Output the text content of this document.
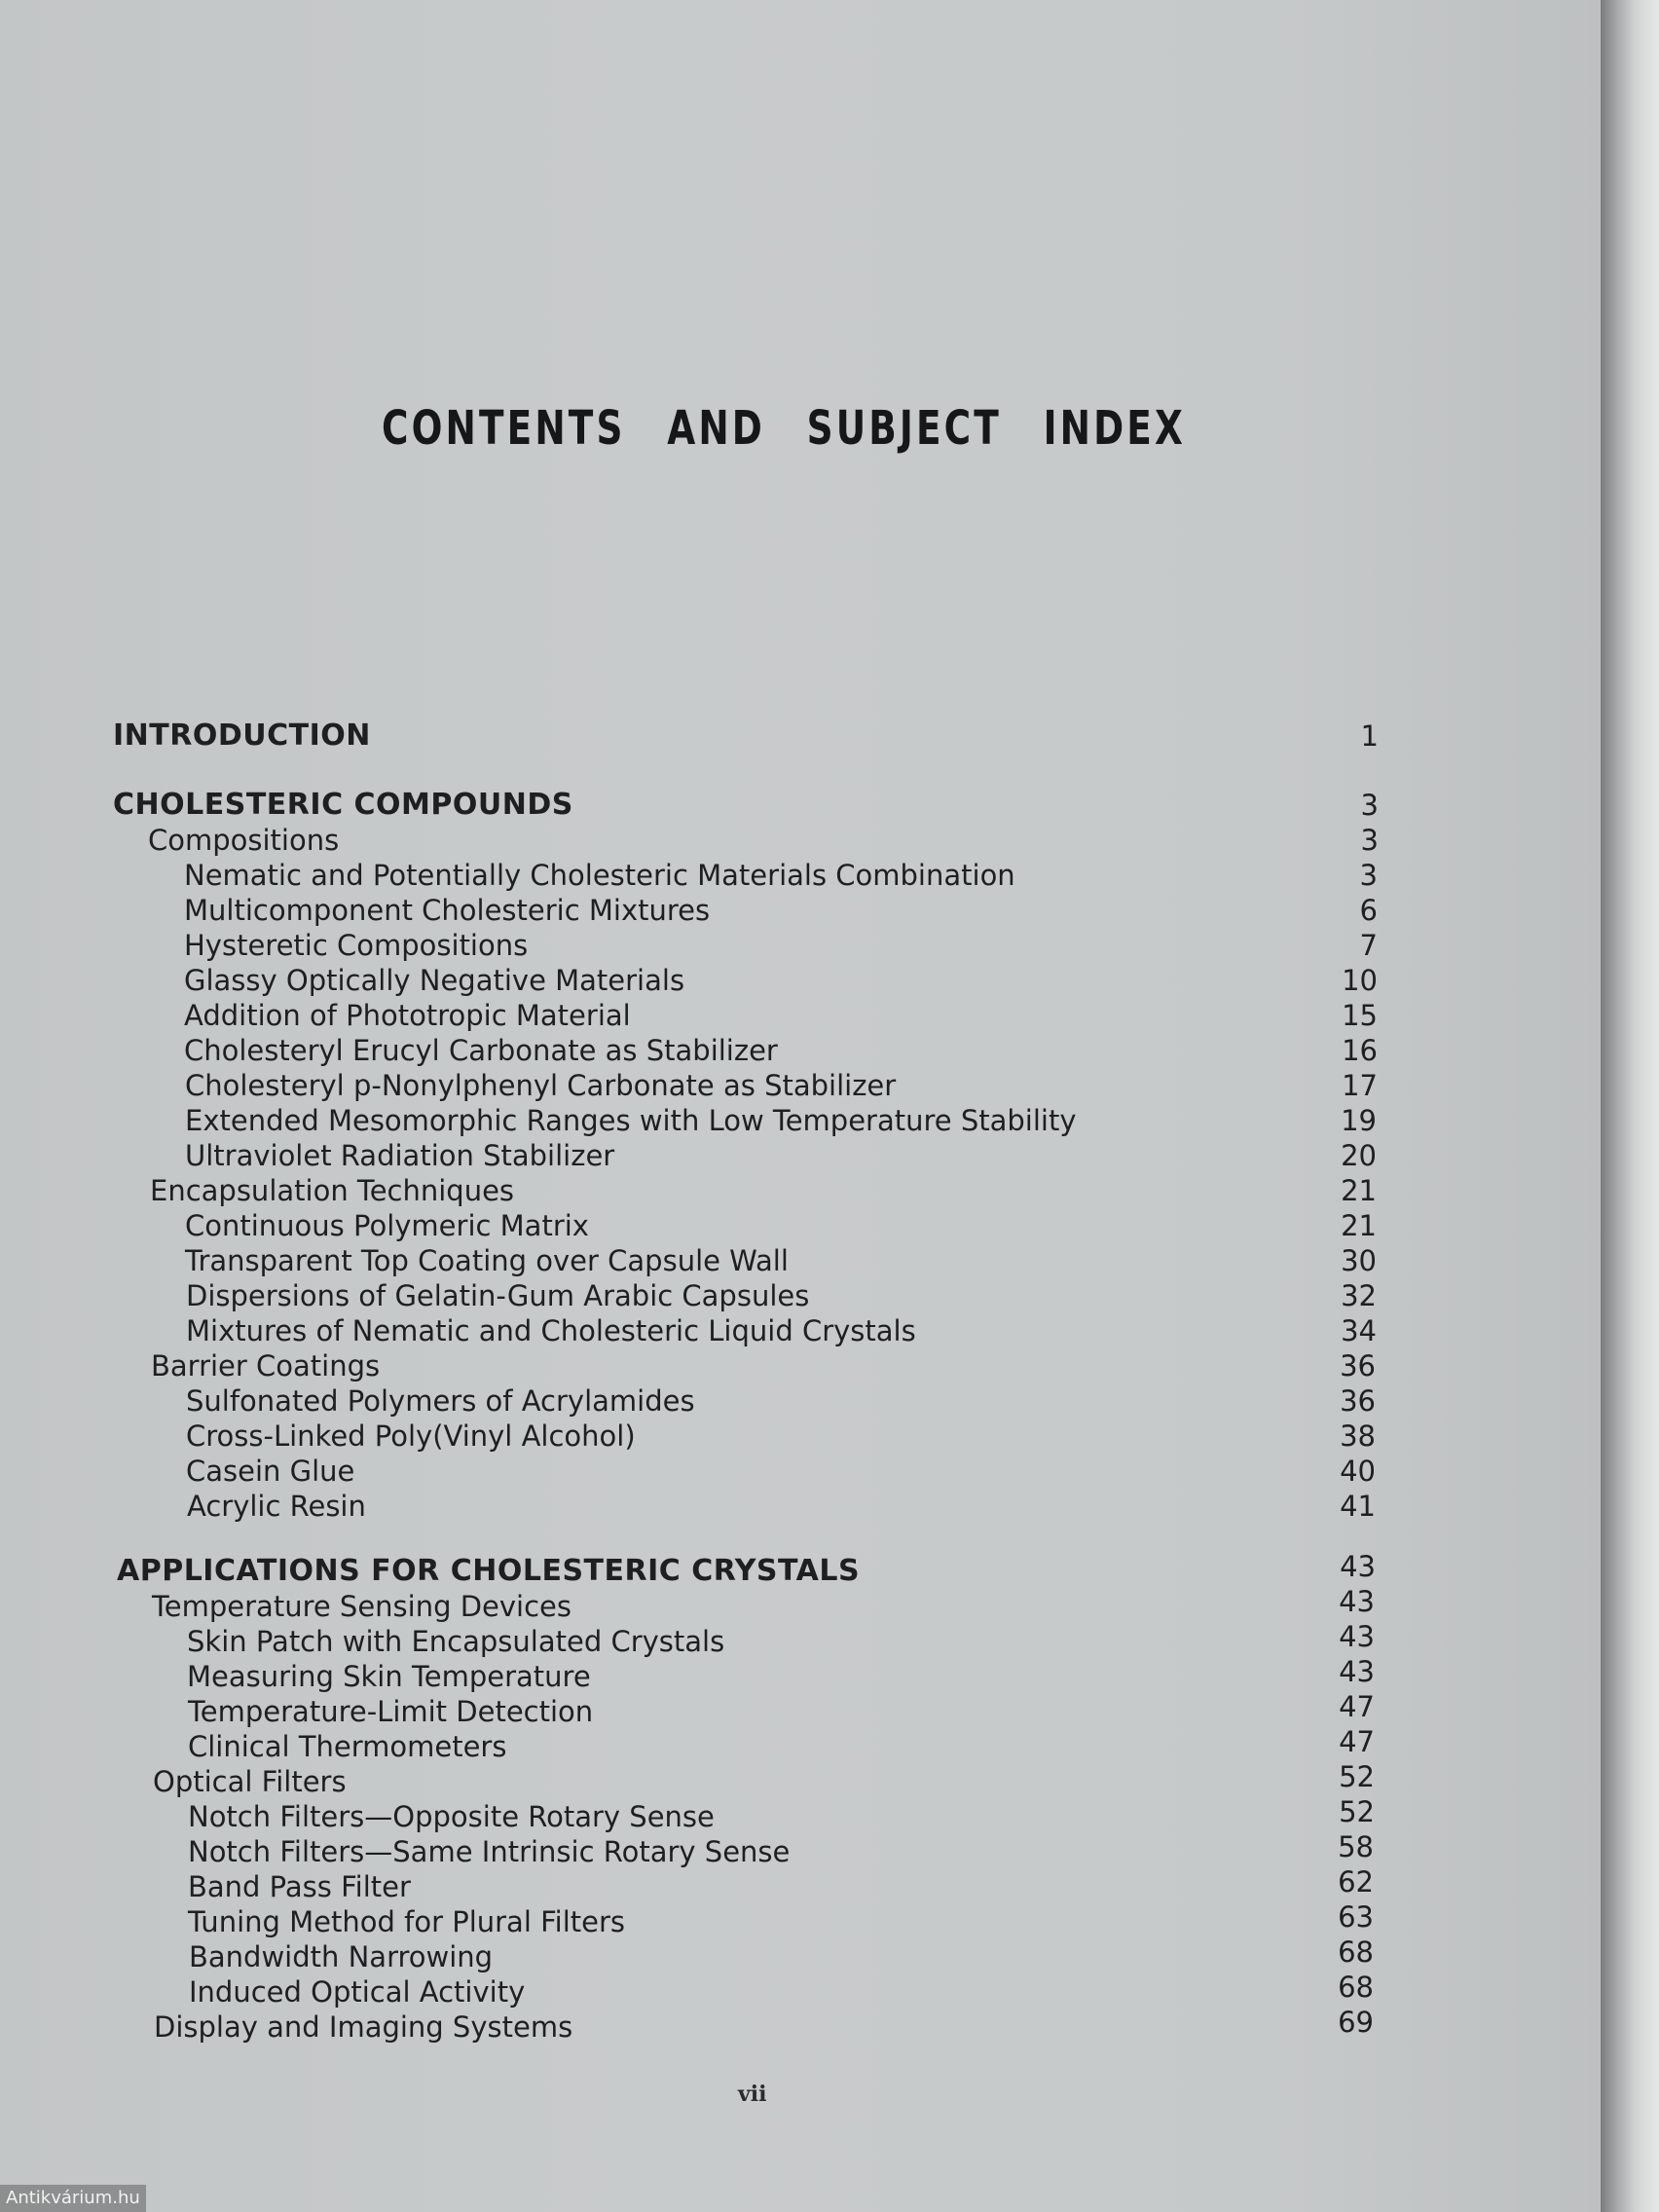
CONTENTS AND SUBJECT INDEX
INTRODUCTION	1
CHOLESTERIC COMPOUNDS	3
Compositions	3
Nematic and Potentially Cholesteric Materials Combination	3
Multicomponent Cholesteric Mixtures	6
Hysteretic Compositions	7
Glassy Optically Negative Materials	10
Addition of Phototropic Material	15
Cholesteryl Erucyl Carbonate as Stabilizer	16
Cholesteryl p-Nonylphenyl Carbonate as Stabilizer	17
Extended Mesomorphic Ranges with Low Temperature Stability	19
Ultraviolet Radiation Stabilizer	20
Encapsulation Techniques	21
Continuous Polymeric Matrix	21
Transparent Top Coating over Capsule Wall	30
Dispersions of Gelatin-Gum Arabic Capsules	32
Mixtures of Nematic and Cholesteric Liquid Crystals	34
Barrier Coatings	36
Sulfonated Polymers of Acrylamides	36
Cross-Linked Poly(Vinyl Alcohol)	38
Casein Glue	40
Acrylic Resin	41
APPLICATIONS FOR CHOLESTERIC CRYSTALS	43
Temperature Sensing Devices	43
Skin Patch with Encapsulated Crystals	43
Measuring Skin Temperature	43
Temperature-Limit Detection	47
Clinical Thermometers	47
Optical Filters	52
Notch Filters—Opposite Rotary Sense	52
Notch Filters—Same Intrinsic Rotary Sense	58
Band Pass Filter	62
Tuning Method for Plural Filters	63
Bandwidth Narrowing	68
Induced Optical Activity	68
Display and Imaging Systems	69
vii
Antikvárium.hu
